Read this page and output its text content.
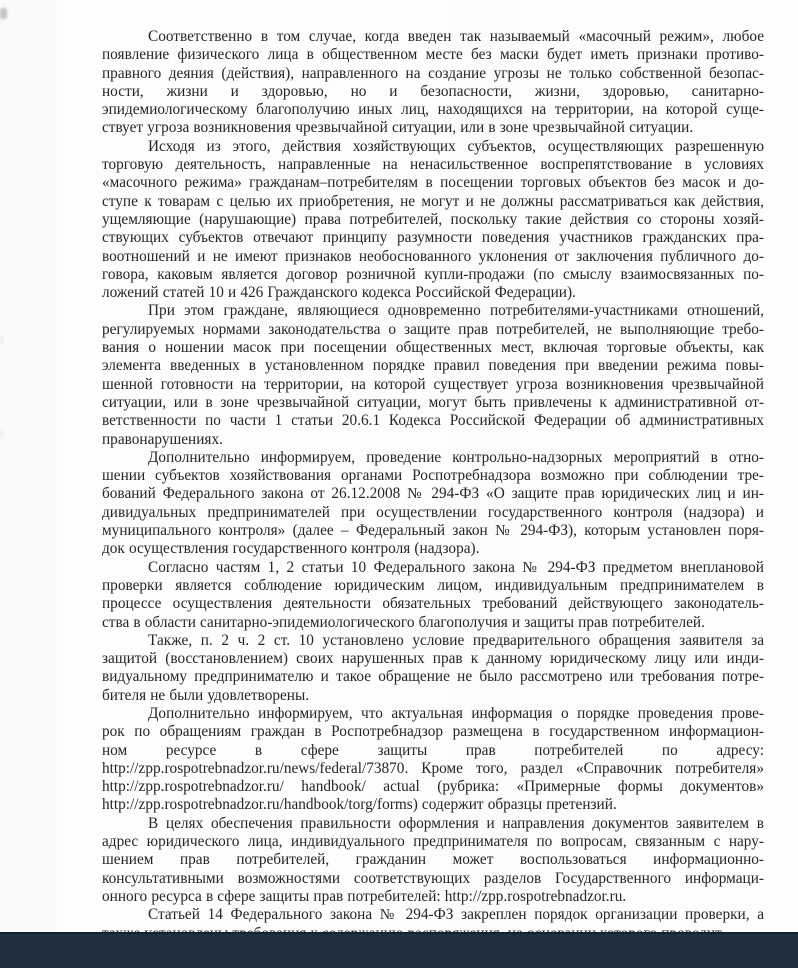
Соответственно в том случае, когда введен так называемый «масочный режим», любое
появление физического лица в общественном месте без маски будет иметь признаки противо-
правного деяния (действия), направленного на создание угрозы не только собственной безопас-
ности, жизни и здоровью, но и безопасности, жизни, здоровью, санитарно-
эпидемиологическому благополучию иных лиц, находящихся на территории, на которой суще-
ствует угроза возникновения чрезвычайной ситуации, или в зоне чрезвычайной ситуации.
Исходя из этого, действия хозяйствующих субъектов, осуществляющих разрешенную
торговую деятельность, направленные на ненасильственное воспрепятствование в условиях
«масочного режима» гражданам–потребителям в посещении торговых объектов без масок и до-
ступе к товарам с целью их приобретения, не могут и не должны рассматриваться как действия,
ущемляющие (нарушающие) права потребителей, поскольку такие действия со стороны хозяй-
ствующих субъектов отвечают принципу разумности поведения участников гражданских пра-
воотношений и не имеют признаков необоснованного уклонения от заключения публичного до-
говора, каковым является договор розничной купли-продажи (по смыслу взаимосвязанных по-
ложений статей 10 и 426 Гражданского кодекса Российской Федерации).
При этом граждане, являющиеся одновременно потребителями-участниками отношений,
регулируемых нормами законодательства о защите прав потребителей, не выполняющие требо-
вания о ношении масок при посещении общественных мест, включая торговые объекты, как
элемента введенных в установленном порядке правил поведения при введении режима повы-
шенной готовности на территории, на которой существует угроза возникновения чрезвычайной
ситуации, или в зоне чрезвычайной ситуации, могут быть привлечены к административной от-
ветственности по части 1 статьи 20.6.1 Кодекса Российской Федерации об административных
правонарушениях.
Дополнительно информируем, проведение контрольно-надзорных мероприятий в отно-
шении субъектов хозяйствования органами Роспотребнадзора возможно при соблюдении тре-
бований Федерального закона от 26.12.2008 № 294-ФЗ «О защите прав юридических лиц и ин-
дивидуальных предпринимателей при осуществлении государственного контроля (надзора) и
муниципального контроля» (далее – Федеральный закон № 294-ФЗ), которым установлен поря-
док осуществления государственного контроля (надзора).
Согласно частям 1, 2 статьи 10 Федерального закона № 294-ФЗ предметом внеплановой
проверки является соблюдение юридическим лицом, индивидуальным предпринимателем в
процессе осуществления деятельности обязательных требований действующего законодатель-
ства в области санитарно-эпидемиологического благополучия и защиты прав потребителей.
Также, п. 2 ч. 2 ст. 10 установлено условие предварительного обращения заявителя за
защитой (восстановлением) своих нарушенных прав к данному юридическому лицу или инди-
видуальному предпринимателю и такое обращение не было рассмотрено или требования потре-
бителя не были удовлетворены.
Дополнительно информируем, что актуальная информация о порядке проведения прове-
рок по обращениям граждан в Роспотребнадзор размещена в государственном информацион-
ном ресурсе в сфере защиты прав потребителей по адресу:
http://zpp.rospotrebnadzor.ru/news/federal/73870. Кроме того, раздел «Справочник потребителя»
http://zpp.rospotrebnadzor.ru/ handbook/ actual (рубрика: «Примерные формы документов»
http://zpp.rospotrebnadzor.ru/handbook/torg/forms) содержит образцы претензий.
В целях обеспечения правильности оформления и направления документов заявителем в
адрес юридического лица, индивидуального предпринимателя по вопросам, связанным с нару-
шением прав потребителей, гражданин может воспользоваться информационно-
консультативными возможностями соответствующих разделов Государственного информаци-
онного ресурса в сфере защиты прав потребителей: http://zpp.rospotrebnadzor.ru.
Статьей 14 Федерального закона № 294-ФЗ закреплен порядок организации проверки, а
